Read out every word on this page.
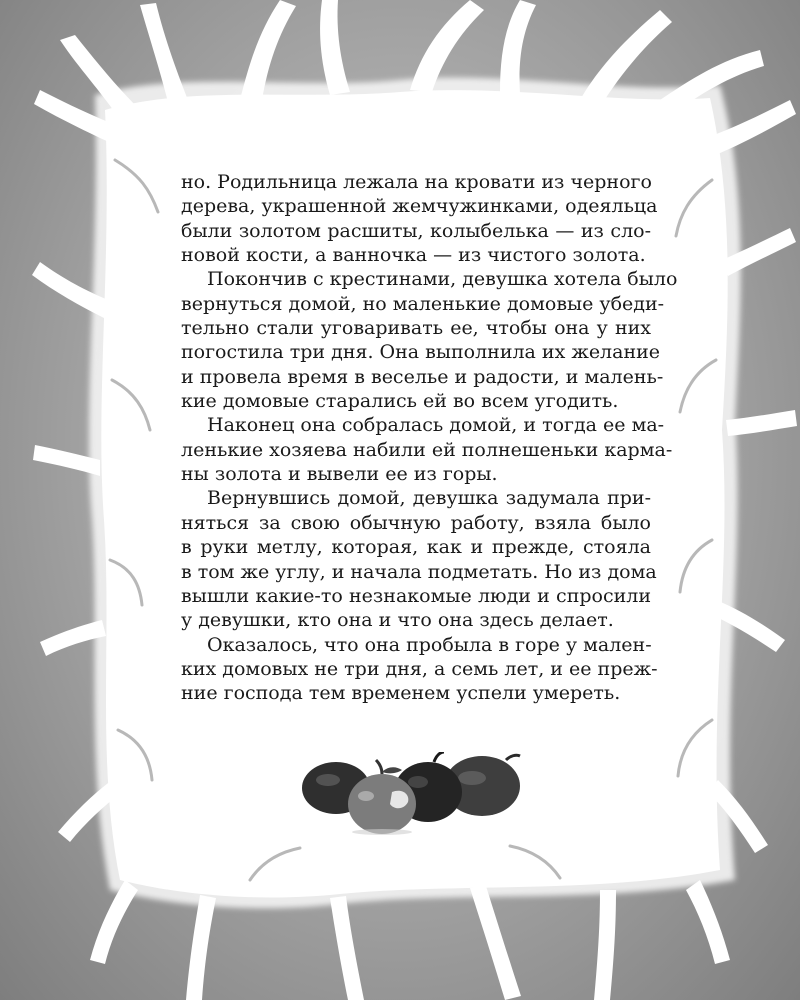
но. Родильница лежала на кровати из черного
дерева, украшенной жемчужинками, одеяльца
были золотом расшиты, колыбелька — из сло-
новой кости, а ванночка — из чистого золота.
Покончив с крестинами, девушка хотела было
вернуться домой, но маленькие домовые убеди-
тельно стали уговаривать ее, чтобы она у них
погостила три дня. Она выполнила их желание
и провела время в веселье и радости, и малень-
кие домовые старались ей во всем угодить.
Наконец она собралась домой, и тогда ее ма-
ленькие хозяева набили ей полнешеньки карма-
ны золота и вывели ее из горы.
Вернувшись домой, девушка задумала при-
няться за свою обычную работу, взяла было
в руки метлу, которая, как и прежде, стояла
в том же углу, и начала подметать. Но из дома
вышли какие-то незнакомые люди и спросили
у девушки, кто она и что она здесь делает.
Оказалось, что она пробыла в горе у мален-
ких домовых не три дня, а семь лет, и ее преж-
ние господа тем временем успели умереть.
